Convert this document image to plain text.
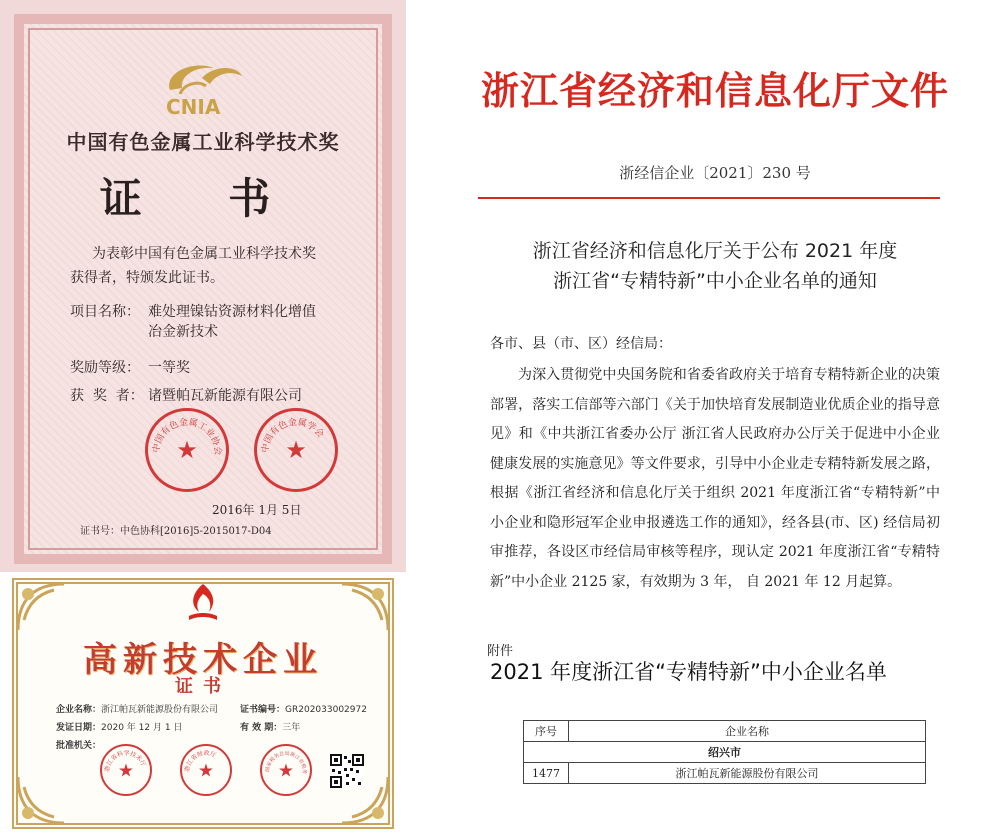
CNIA
中国有色金属工业科学技术奖
证 书
为表彰中国有色金属工业科学技术奖
获得者，特颁发此证书。
项目名称： 难处理镍钴资源材料化增值
冶金新技术
奖励等级： 一等奖
获  奖  者： 诸暨帕瓦新能源有限公司
中国有色金属工业协会
★	中国有色金属学会
★
2016年 1月 5日
证书号：中色协科[2016]5-2015017-D04
高新技术企业
证书
企业名称：浙江帕瓦新能源股份有限公司 证书编号：GR202033002972
发证日期：2020 年 12 月 1 日	有 效 期：三年
批准机关：
浙江省科学技术厅
★	浙江省财政厅
★	国家税务总局浙江省税务
★
浙江省经济和信息化厅文件
浙经信企业〔2021〕230 号
浙江省经济和信息化厅关于公布 2021 年度
浙江省“专精特新”中小企业名单的通知
各市、县（市、区）经信局：

为深入贯彻党中央国务院和省委省政府关于培育专精特新企业的决策部署，落实工信部等六部门《关于加快培育发展制造业优质企业的指导意见》和《中共浙江省委办公厅 浙江省人民政府办公厅关于促进中小企业健康发展的实施意见》等文件要求，引导中小企业走专精特新发展之路，根据《浙江省经济和信息化厅关于组织 2021 年度浙江省“专精特新”中小企业和隐形冠军企业申报遴选工作的通知》，经各县(市、区) 经信局初审推荐，各设区市经信局审核等程序，现认定 2021 年度浙江省“专精特新”中小企业 2125 家，有效期为 3 年， 自 2021 年 12 月起算。

附件
2021 年度浙江省“专精特新”中小企业名单
序号	企业名称
绍兴市	
1477	浙江帕瓦新能源股份有限公司
